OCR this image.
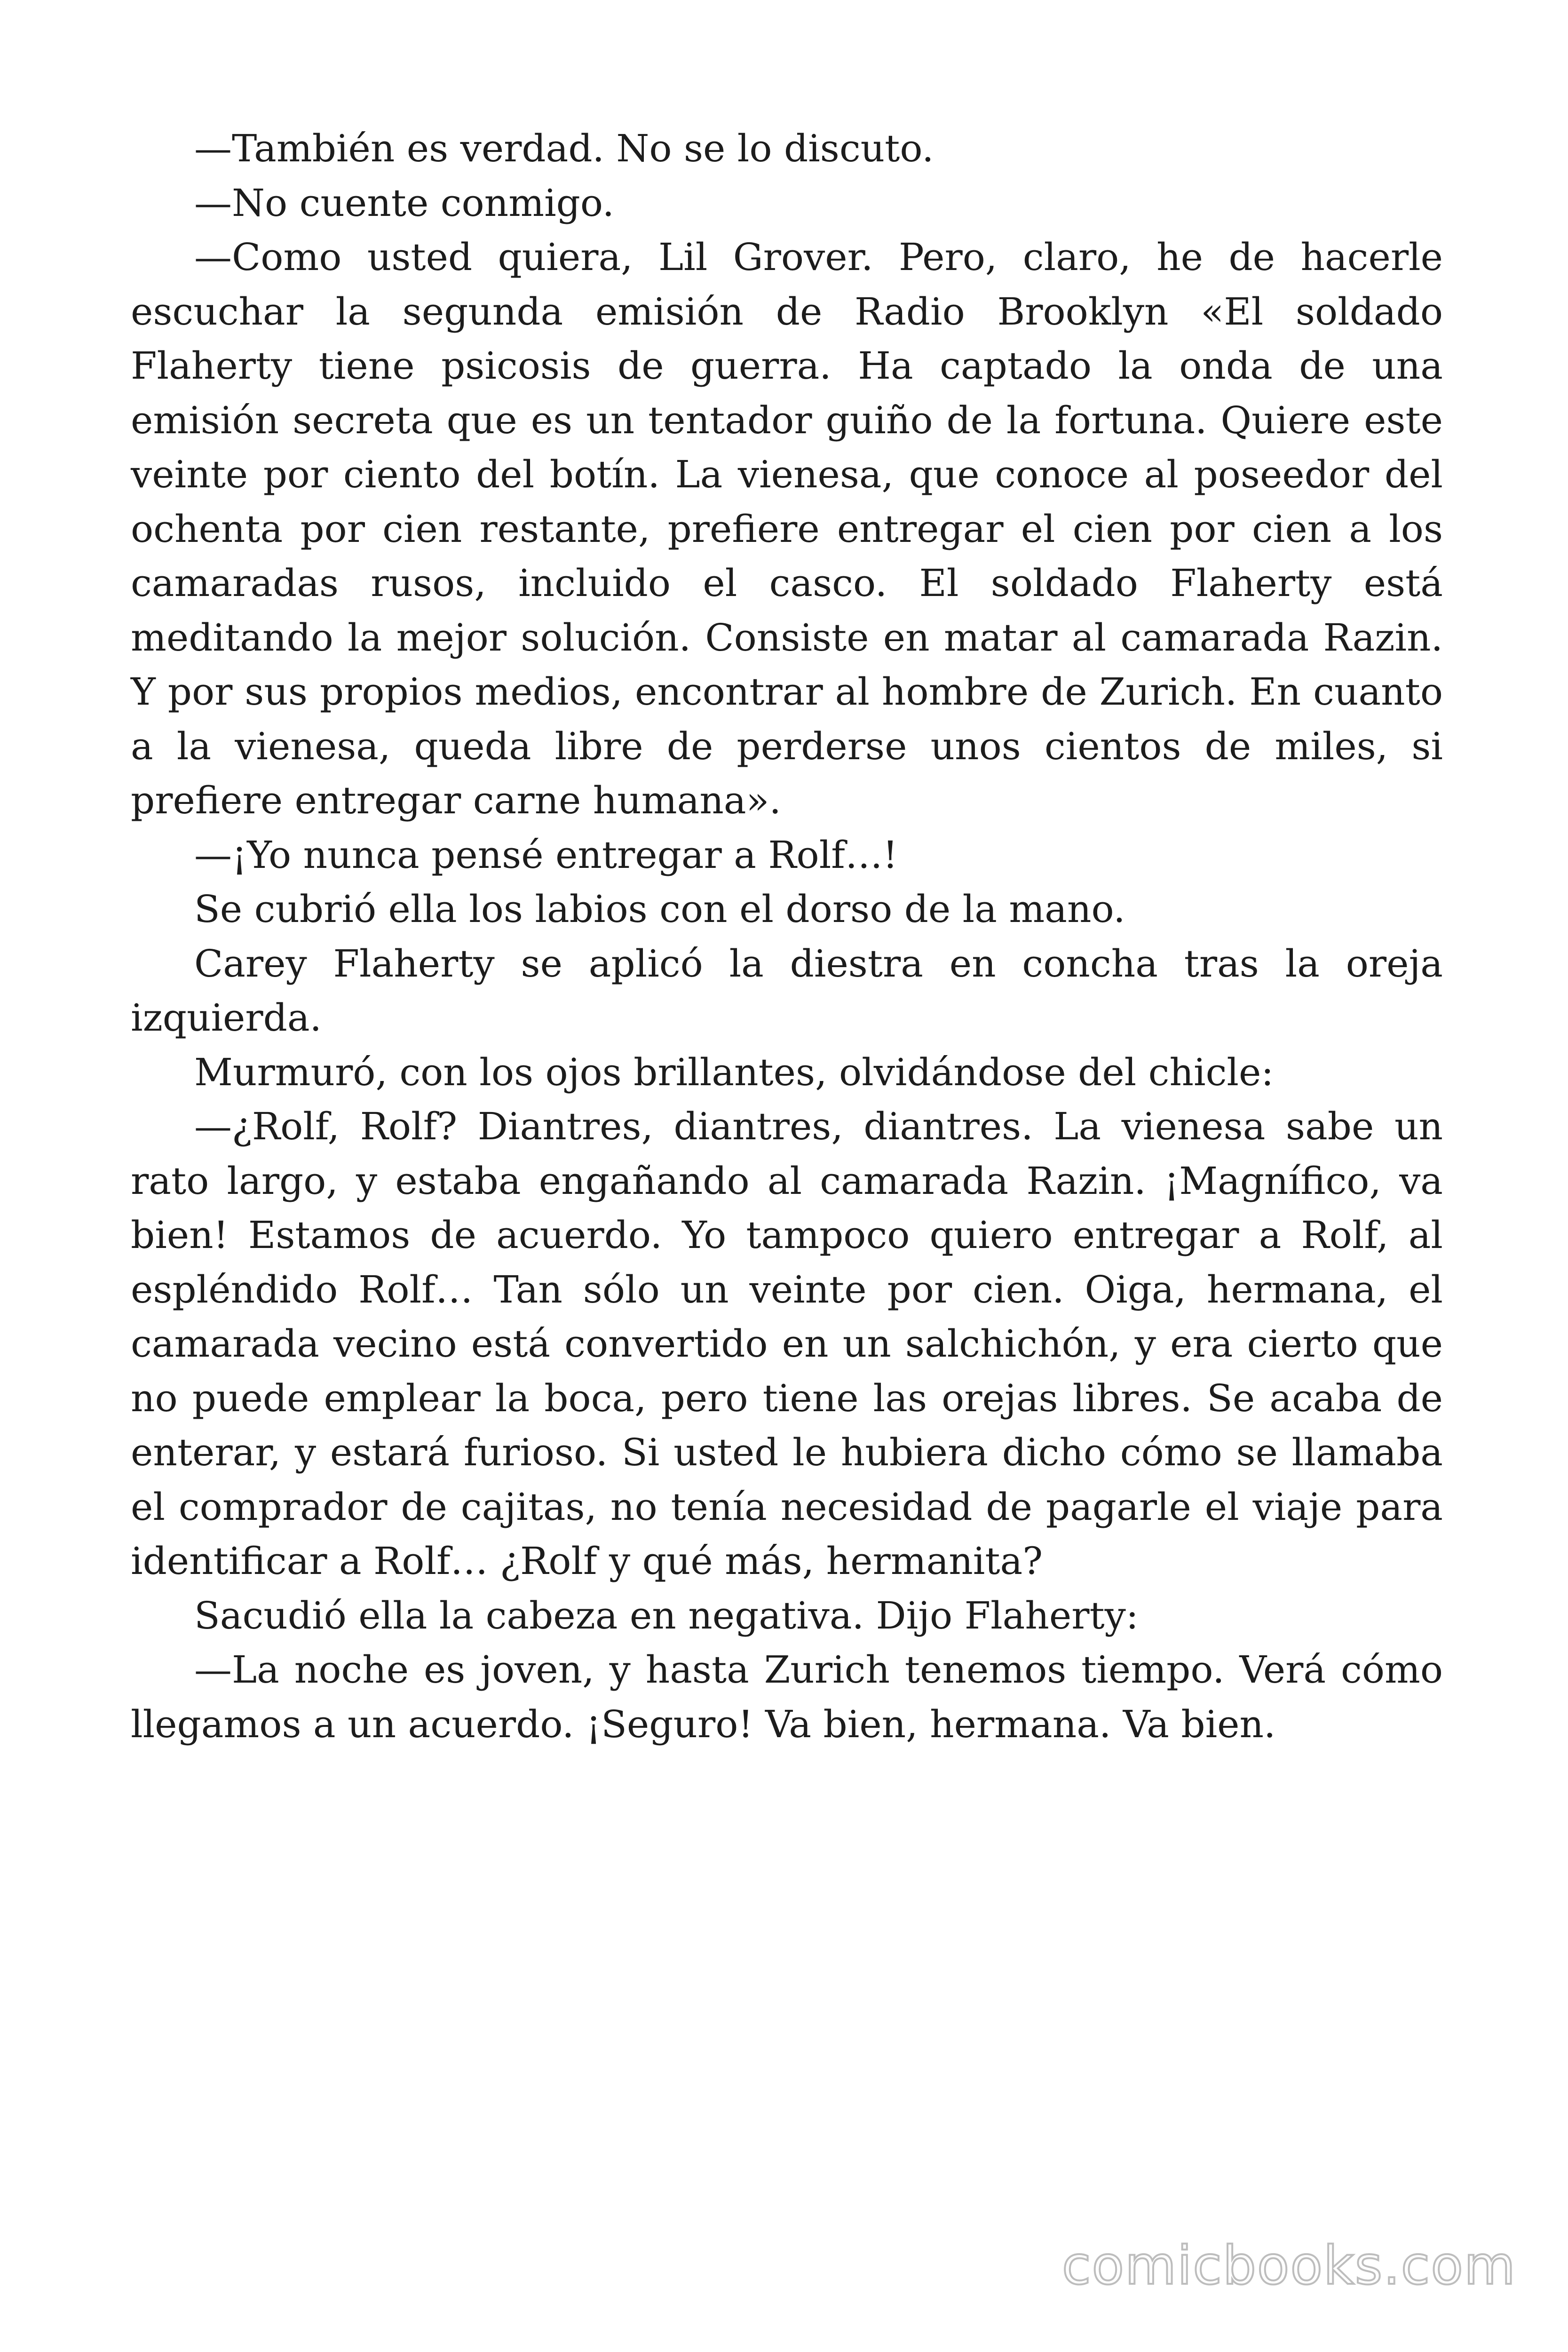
—También es verdad. No se lo discuto.

—No cuente conmigo.

—Como usted quiera, Lil Grover. Pero, claro, he de hacerle escuchar la segunda emisión de Radio Brooklyn «El soldado Flaherty tiene psicosis de guerra. Ha captado la onda de una emisión secreta que es un tentador guiño de la fortuna. Quiere este veinte por ciento del botín. La vienesa, que conoce al poseedor del ochenta por cien restante, prefiere entregar el cien por cien a los camaradas rusos, incluido el casco. El soldado Flaherty está meditando la mejor solución. Consiste en matar al camarada Razin. Y por sus propios medios, encontrar al hombre de Zurich. En cuanto a la vienesa, queda libre de perderse unos cientos de miles, si prefiere entregar carne humana».

—¡Yo nunca pensé entregar a Rolf…!

Se cubrió ella los labios con el dorso de la mano.

Carey Flaherty se aplicó la diestra en concha tras la oreja izquierda.

Murmuró, con los ojos brillantes, olvidándose del chicle:

—¿Rolf, Rolf? Diantres, diantres, diantres. La vienesa sabe un rato largo, y estaba engañando al camarada Razin. ¡Magnífico, va bien! Estamos de acuerdo. Yo tampoco quiero entregar a Rolf, al espléndido Rolf… Tan sólo un veinte por cien. Oiga, hermana, el camarada vecino está convertido en un salchichón, y era cierto que no puede emplear la boca, pero tiene las orejas libres. Se acaba de enterar, y estará furioso. Si usted le hubiera dicho cómo se llamaba el comprador de cajitas, no tenía necesidad de pagarle el viaje para identificar a Rolf… ¿Rolf y qué más, hermanita?

Sacudió ella la cabeza en negativa. Dijo Flaherty:

—La noche es joven, y hasta Zurich tenemos tiempo. Verá cómo llegamos a un acuerdo. ¡Seguro! Va bien, hermana. Va bien.

comicbooks.com
